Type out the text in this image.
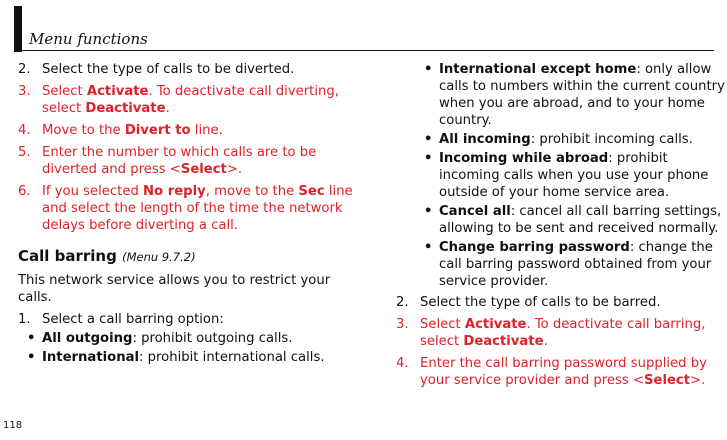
Menu functions
118

2. Select the type of calls to be diverted.

3. Select Activate. To deactivate call diverting, select Deactivate.

4. Move to the Divert to line.

5. Enter the number to which calls are to be diverted and press <Select>.

6. If you selected No reply, move to the Sec line and select the length of the time the network delays before diverting a call.

Call barring (Menu 9.7.2)

This network service allows you to restrict your calls.

1. Select a call barring option:

• All outgoing: prohibit outgoing calls.

• International: prohibit international calls.

• International except home: only allow calls to numbers within the current country when you are abroad, and to your home country.

• All incoming: prohibit incoming calls.

• Incoming while abroad: prohibit incoming calls when you use your phone outside of your home service area.

• Cancel all: cancel all call barring settings, allowing to be sent and received normally.

• Change barring password: change the call barring password obtained from your service provider.

2. Select the type of calls to be barred.

3. Select Activate. To deactivate call barring, select Deactivate.

4. Enter the call barring password supplied by your service provider and press <Select>.
